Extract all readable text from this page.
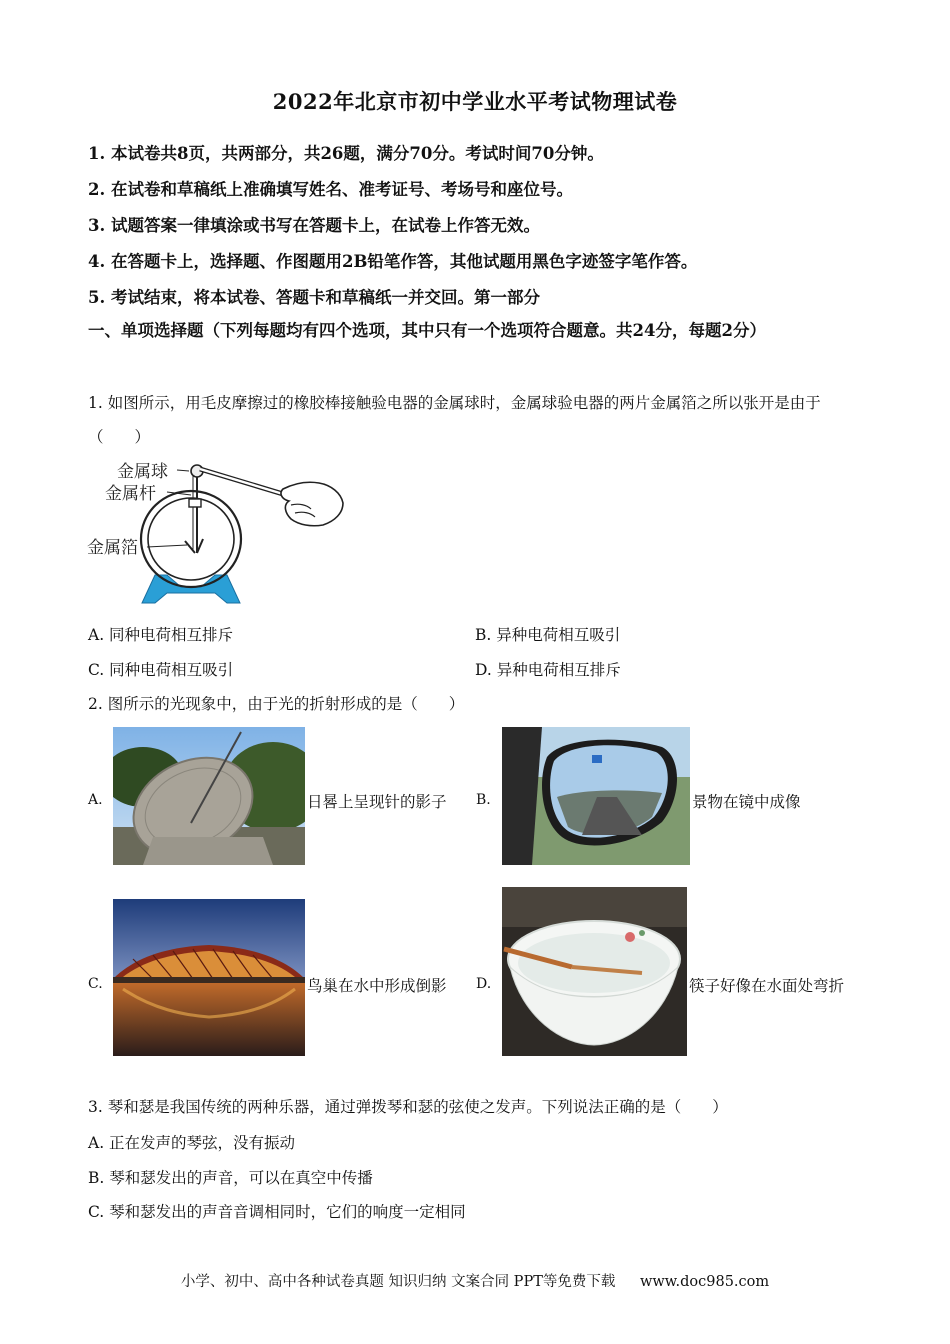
2022年北京市初中学业水平考试物理试卷
1. 本试卷共8页，共两部分，共26题，满分70分。考试时间70分钟。
2. 在试卷和草稿纸上准确填写姓名、准考证号、考场号和座位号。
3. 试题答案一律填涂或书写在答题卡上，在试卷上作答无效。
4. 在答题卡上，选择题、作图题用2B铅笔作答，其他试题用黑色字迹签字笔作答。
5. 考试结束，将本试卷、答题卡和草稿纸一并交回。第一部分
一、单项选择题（下列每题均有四个选项，其中只有一个选项符合题意。共24分，每题2分）
1. 如图所示，用毛皮摩擦过的橡胶棒接触验电器的金属球时，金属球验电器的两片金属箔之所以张开是由于（　　）
金属球
金属杆
金属箔
A. 同种电荷相互排斥	B. 异种电荷相互吸引
C. 同种电荷相互吸引	D. 异种电荷相互排斥
2. 图所示的光现象中，由于光的折射形成的是（　　）
A.	日晷上呈现针的影子 B.	景物在镜中成像
C.	鸟巢在水中形成倒影 D.	筷子好像在水面处弯折
3. 琴和瑟是我国传统的两种乐器，通过弹拨琴和瑟的弦使之发声。下列说法正确的是（　　）
A. 正在发声的琴弦，没有振动
B. 琴和瑟发出的声音，可以在真空中传播
C. 琴和瑟发出的声音音调相同时，它们的响度一定相同
小学、初中、高中各种试卷真题 知识归纳 文案合同 PPT等免费下载 www.doc985.com
